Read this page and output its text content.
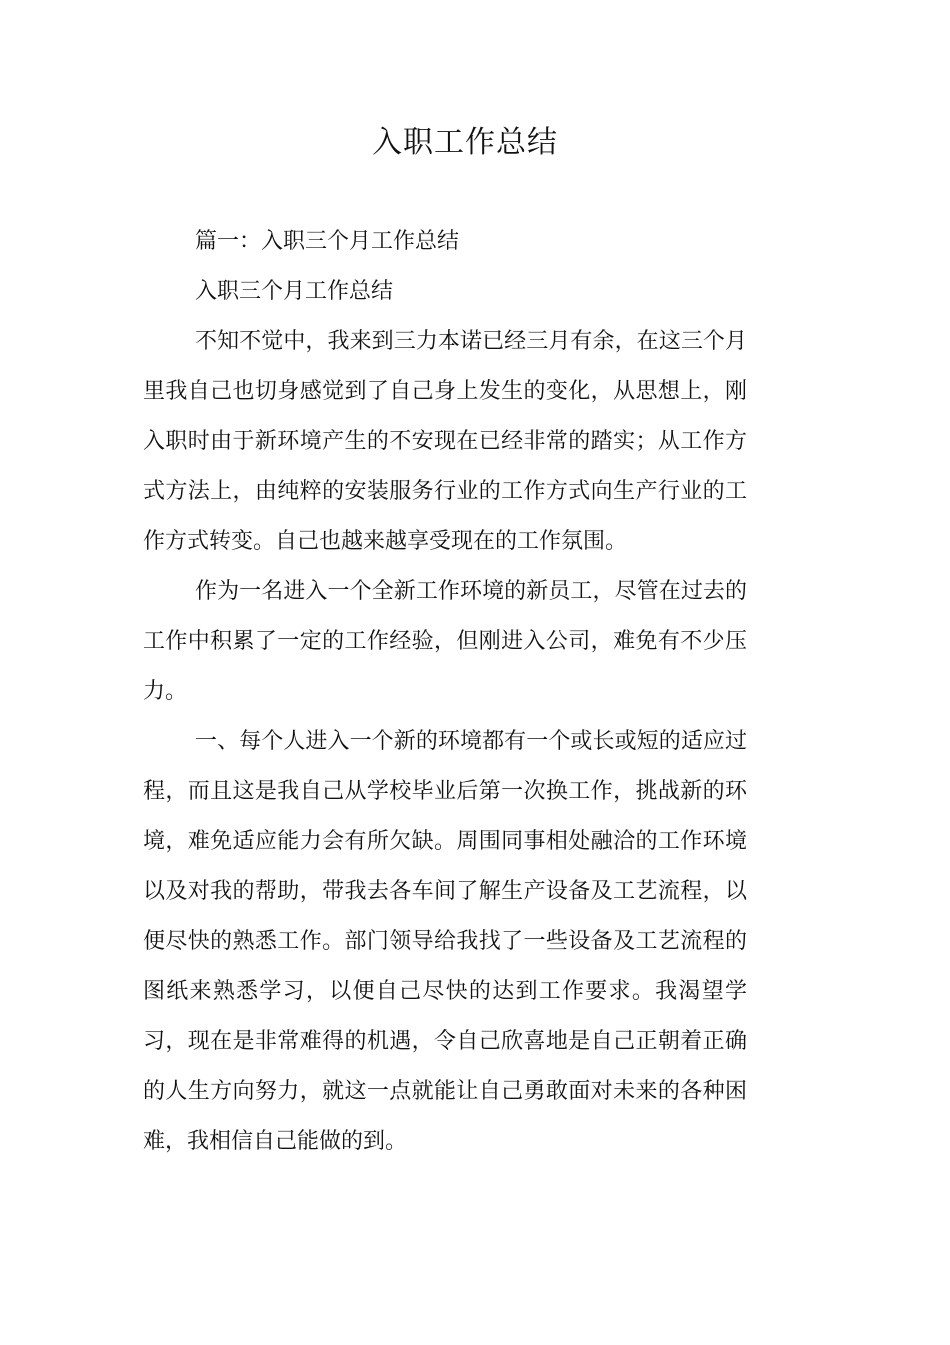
入职工作总结

篇一：入职三个月工作总结

入职三个月工作总结

不知不觉中，我来到三力本诺已经三月有余，在这三个月里我自己也切身感觉到了自己身上发生的变化，从思想上，刚入职时由于新环境产生的不安现在已经非常的踏实；从工作方式方法上，由纯粹的安装服务行业的工作方式向生产行业的工作方式转变。自己也越来越享受现在的工作氛围。

作为一名进入一个全新工作环境的新员工，尽管在过去的工作中积累了一定的工作经验，但刚进入公司，难免有不少压力。

一、每个人进入一个新的环境都有一个或长或短的适应过程，而且这是我自己从学校毕业后第一次换工作，挑战新的环境，难免适应能力会有所欠缺。周围同事相处融洽的工作环境以及对我的帮助，带我去各车间了解生产设备及工艺流程，以便尽快的熟悉工作。部门领导给我找了一些设备及工艺流程的图纸来熟悉学习，以便自己尽快的达到工作要求。我渴望学习，现在是非常难得的机遇，令自己欣喜地是自己正朝着正确的人生方向努力，就这一点就能让自己勇敢面对未来的各种困难，我相信自己能做的到。
